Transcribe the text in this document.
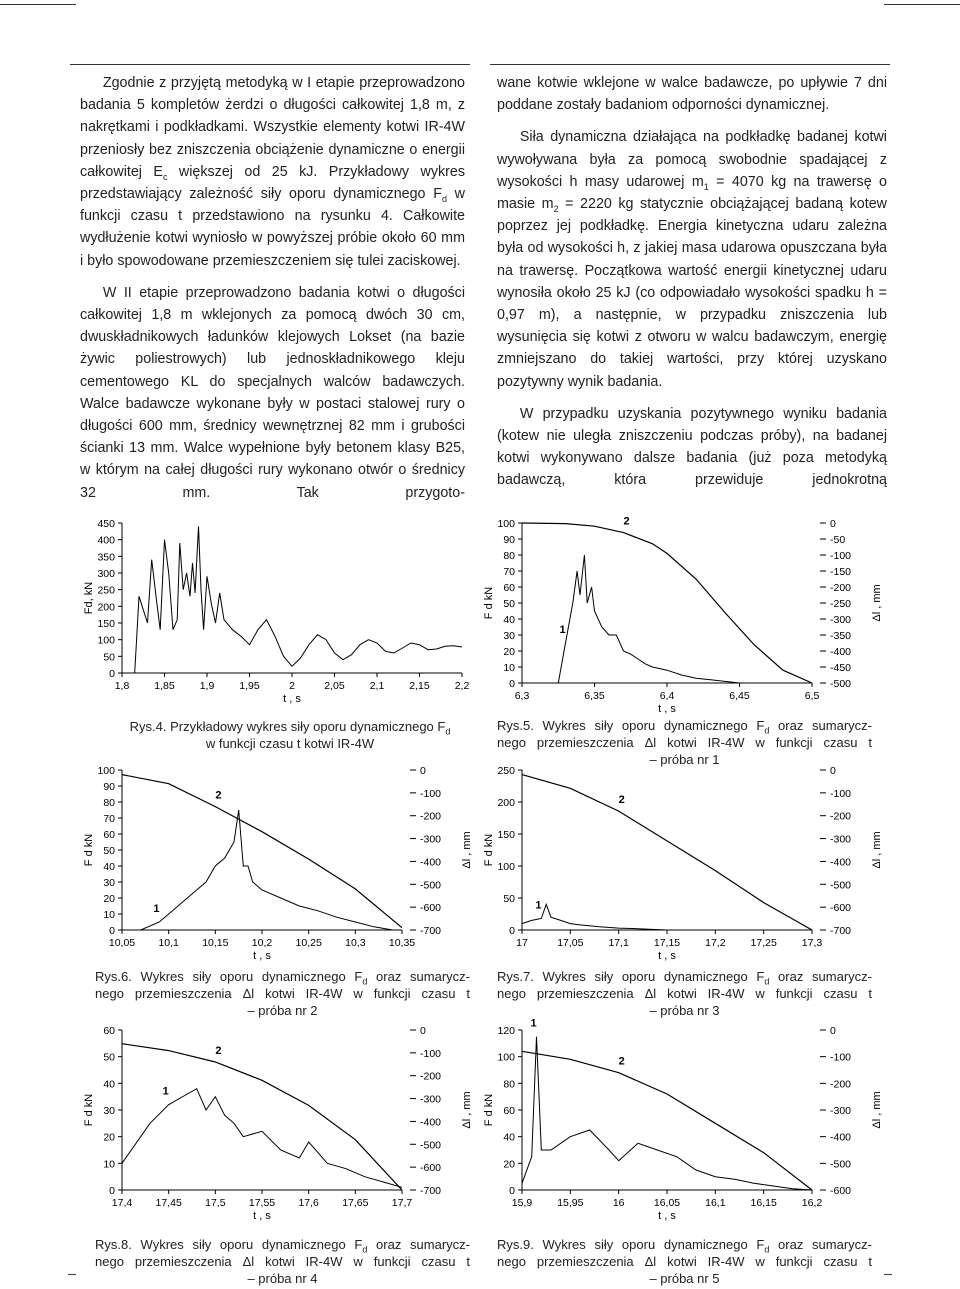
Zgodnie z przyjętą metodyką w I etapie przeprowadzono badania 5 kompletów żerdzi o długości całkowitej 1,8 m, z nakrętkami i podkładkami. Wszystkie elementy kotwi IR-4W przeniosły bez zniszczenia obciążenie dynamiczne o energii całkowitej $E_c$ większej od 25 kJ. Przykładowy wykres przedstawiający zależność siły oporu dynamicznego $F_d$ w funkcji czasu t przedstawiono na rysunku 4. Całkowite wydłużenie kotwi wyniosło w powyższej próbie około 60 mm i było spowodowane przemieszczeniem się tulei zaciskowej.

W II etapie przeprowadzono badania kotwi o długości całkowitej 1,8 m wklejonych za pomocą dwóch 30 cm, dwuskładnikowych ładunków klejowych Lokset (na bazie żywic poliestrowych) lub jednoskładnikowego kleju cementowego KL do specjalnych walców badawczych. Walce badawcze wykonane były w postaci stalowej rury o długości 600 mm, średnicy wewnętrznej 82 mm i grubości ścianki 13 mm. Walce wypełnione były betonem klasy B25, w którym na całej długości rury wykonano otwór o średnicy 32 mm. Tak przygoto-

wane kotwie wklejone w walce badawcze, po upływie 7 dni poddane zostały badaniom odporności dynamicznej.

Siła dynamiczna działająca na podkładkę badanej kotwi wywoływana była za pomocą swobodnie spadającej z wysokości h masy udarowej $m_1 = 4070$ kg na trawersę o masie $m_2 = 2220$ kg statycznie obciążającej badaną kotew poprzez jej podkładkę. Energia kinetyczna udaru zależna była od wysokości h, z jakiej masa udarowa opuszczana była na trawersę. Początkowa wartość energii kinetycznej udaru wynosiła około 25 kJ (co odpowiadało wysokości spadku h = 0,97 m), a następnie, w przypadku zniszczenia lub wysunięcia się kotwi z otworu w walcu badawczym, energię zmniejszano do takiej wartości, przy której uzyskano pozytywny wynik badania.

W przypadku uzyskania pozytywnego wyniku badania (kotew nie uległa zniszczeniu podczas próby), na badanej kotwi wykonywano dalsze badania (już poza metodyką badawczą, która przewiduje jednokrotną

0
50
100
150
200
250
300
350
400
450
1,8 1,85 1,9 1,95	2	2,05 2,1 2,15 2,2
t , s
Fd, kN
0
10
20
30
40
50
60
70
80
90
100
6,3	6,35	6,4	6,45	6,5
t , s
F d kN
0
-50
-100
-150
-200
-250
-300
-350
-400
-450
-500
Δl , mm
1
2
0
10
20
30
40
50
60
70
80
90
100
10,05 10,1 10,15 10,2 10,25 10,3 10,35
t , s
F d kN
0
-100
-200
-300
-400
-500
-600
-700
Δl , mm
1
2
0
50
100
150
200
250
17	17,05 17,1 17,15 17,2 17,25 17,3
t , s
F d kN
0
-100
-200
-300
-400
-500
-600
-700
Δl , mm
1
2
0
10
20
30
40
50
60
17,4 17,45 17,5 17,55 17,6 17,65 17,7
t , s
F d kN
0
-100
-200
-300
-400
-500
-600
-700
Δl , mm
1
2
0
20
40
60
80
100
120
15,9 15,95	16	16,05 16,1 16,15 16,2
t , s
F d kN
0
-100
-200
-300
-400
-500
-600
Δl , mm
1
2
Rys.4. Przykładowy wykres siły oporu dynamicznego $F_d$
w funkcji czasu t kotwi IR-4W
Rys.5. Wykres siły oporu dynamicznego $F_d$ oraz sumarycz-
nego przemieszczenia Δl kotwi IR-4W w funkcji czasu t
– próba nr 1
Rys.6. Wykres siły oporu dynamicznego $F_d$ oraz sumarycz-
nego przemieszczenia Δl kotwi IR-4W w funkcji czasu t
– próba nr 2
Rys.7. Wykres siły oporu dynamicznego $F_d$ oraz sumarycz-
nego przemieszczenia Δl kotwi IR-4W w funkcji czasu t
– próba nr 3
Rys.8. Wykres siły oporu dynamicznego $F_d$ oraz sumarycz-
nego przemieszczenia Δl kotwi IR-4W w funkcji czasu t
– próba nr 4
Rys.9. Wykres siły oporu dynamicznego $F_d$ oraz sumarycz-
nego przemieszczenia Δl kotwi IR-4W w funkcji czasu t
– próba nr 5
